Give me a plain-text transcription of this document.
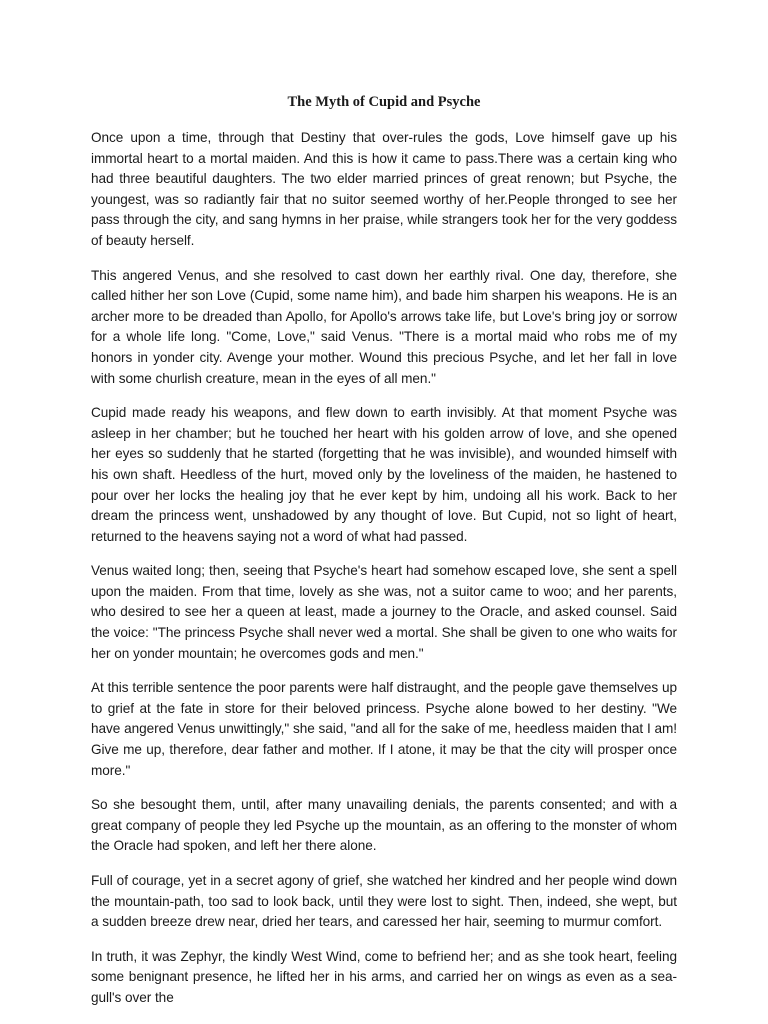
The Myth of Cupid and Psyche

Once upon a time, through that Destiny that over-rules the gods, Love himself gave up his immortal heart to a mortal maiden. And this is how it came to pass.There was a certain king who had three beautiful daughters. The two elder married princes of great renown; but Psyche, the youngest, was so radiantly fair that no suitor seemed worthy of her.People thronged to see her pass through the city, and sang hymns in her praise, while strangers took her for the very goddess of beauty herself.

This angered Venus, and she resolved to cast down her earthly rival. One day, therefore, she called hither her son Love (Cupid, some name him), and bade him sharpen his weapons. He is an archer more to be dreaded than Apollo, for Apollo's arrows take life, but Love's bring joy or sorrow for a whole life long. "Come, Love," said Venus. "There is a mortal maid who robs me of my honors in yonder city. Avenge your mother. Wound this precious Psyche, and let her fall in love with some churlish creature, mean in the eyes of all men."

Cupid made ready his weapons, and flew down to earth invisibly. At that moment Psyche was asleep in her chamber; but he touched her heart with his golden arrow of love, and she opened her eyes so suddenly that he started (forgetting that he was invisible), and wounded himself with his own shaft. Heedless of the hurt, moved only by the loveliness of the maiden, he hastened to pour over her locks the healing joy that he ever kept by him, undoing all his work. Back to her dream the princess went, unshadowed by any thought of love. But Cupid, not so light of heart, returned to the heavens saying not a word of what had passed.

Venus waited long; then, seeing that Psyche's heart had somehow escaped love, she sent a spell upon the maiden. From that time, lovely as she was, not a suitor came to woo; and her parents, who desired to see her a queen at least, made a journey to the Oracle, and asked counsel. Said the voice: "The princess Psyche shall never wed a mortal. She shall be given to one who waits for her on yonder mountain; he overcomes gods and men."

At this terrible sentence the poor parents were half distraught, and the people gave themselves up to grief at the fate in store for their beloved princess. Psyche alone bowed to her destiny. "We have angered Venus unwittingly," she said, "and all for the sake of me, heedless maiden that I am! Give me up, therefore, dear father and mother. If I atone, it may be that the city will prosper once more."

So she besought them, until, after many unavailing denials, the parents consented; and with a great company of people they led Psyche up the mountain, as an offering to the monster of whom the Oracle had spoken, and left her there alone.

Full of courage, yet in a secret agony of grief, she watched her kindred and her people wind down the mountain-path, too sad to look back, until they were lost to sight. Then, indeed, she wept, but a sudden breeze drew near, dried her tears, and caressed her hair, seeming to murmur comfort.

In truth, it was Zephyr, the kindly West Wind, come to befriend her; and as she took heart, feeling some benignant presence, he lifted her in his arms, and carried her on wings as even as a sea-gull's over the
